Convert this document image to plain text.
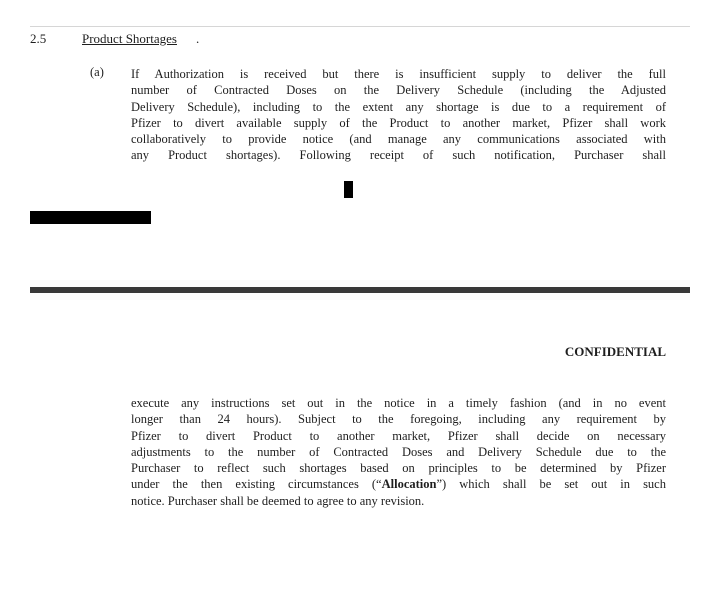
2.5	Product Shortages .
(a) If Authorization is received but there is insufficient supply to deliver the full
number of Contracted Doses on the Delivery Schedule (including the Adjusted
Delivery Schedule), including to the extent any shortage is due to a requirement of
Pfizer to divert available supply of the Product to another market, Pfizer shall work
collaboratively to provide notice (and manage any communications associated with
any Product shortages). Following receipt of such notification, Purchaser shall
CONFIDENTIAL
execute any instructions set out in the notice in a timely fashion (and in no event
longer than 24 hours). Subject to the foregoing, including any requirement by
Pfizer to divert Product to another market, Pfizer shall decide on necessary
adjustments to the number of Contracted Doses and Delivery Schedule due to the
Purchaser to reflect such shortages based on principles to be determined by Pfizer
under the then existing circumstances (“Allocation”) which shall be set out in such
notice. Purchaser shall be deemed to agree to any revision.
